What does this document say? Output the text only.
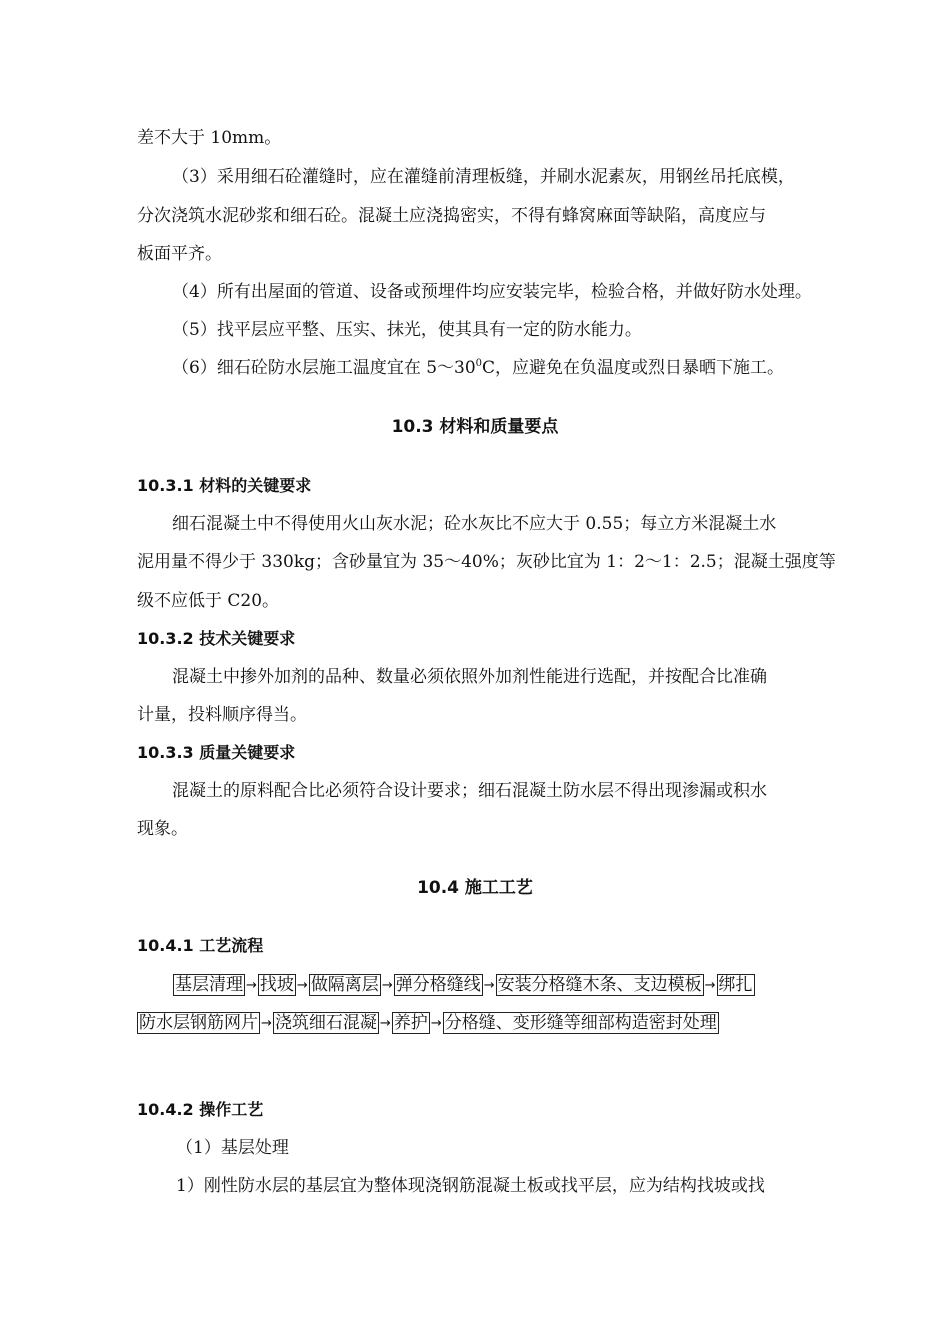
差不大于 10mm。
（3）采用细石砼灌缝时，应在灌缝前清理板缝，并刷水泥素灰，用钢丝吊托底模，
分次浇筑水泥砂浆和细石砼。混凝土应浇捣密实，不得有蜂窝麻面等缺陷，高度应与
板面平齐。
（4）所有出屋面的管道、设备或预埋件均应安装完毕，检验合格，并做好防水处理。
（5）找平层应平整、压实、抹光，使其具有一定的防水能力。
（6）细石砼防水层施工温度宜在 $5\sim 30^0C$，应避免在负温度或烈日暴晒下施工。
10.3 材料和质量要点
10.3.1 材料的关键要求
细石混凝土中不得使用火山灰水泥；砼水灰比不应大于 0.55；每立方米混凝土水
泥用量不得少于 330kg；含砂量宜为 35～40%；灰砂比宜为 1：2～1：2.5；混凝土强度等
级不应低于 C20。
10.3.2 技术关键要求
混凝土中掺外加剂的品种、数量必须依照外加剂性能进行选配，并按配合比准确
计量，投料顺序得当。
10.3.3 质量关键要求
混凝土的原料配合比必须符合设计要求；细石混凝土防水层不得出现渗漏或积水
现象。
10.4 施工工艺
10.4.1 工艺流程
基层清理 → 找坡 → 做隔离层 → 弹分格缝线 → 安装分格缝木条、支边模板 → 绑扎
防水层钢筋网片 → 浇筑细石混凝 → 养护 → 分格缝、变形缝等细部构造密封处理
10.4.2 操作工艺
（1）基层处理
1）刚性防水层的基层宜为整体现浇钢筋混凝土板或找平层，应为结构找坡或找
